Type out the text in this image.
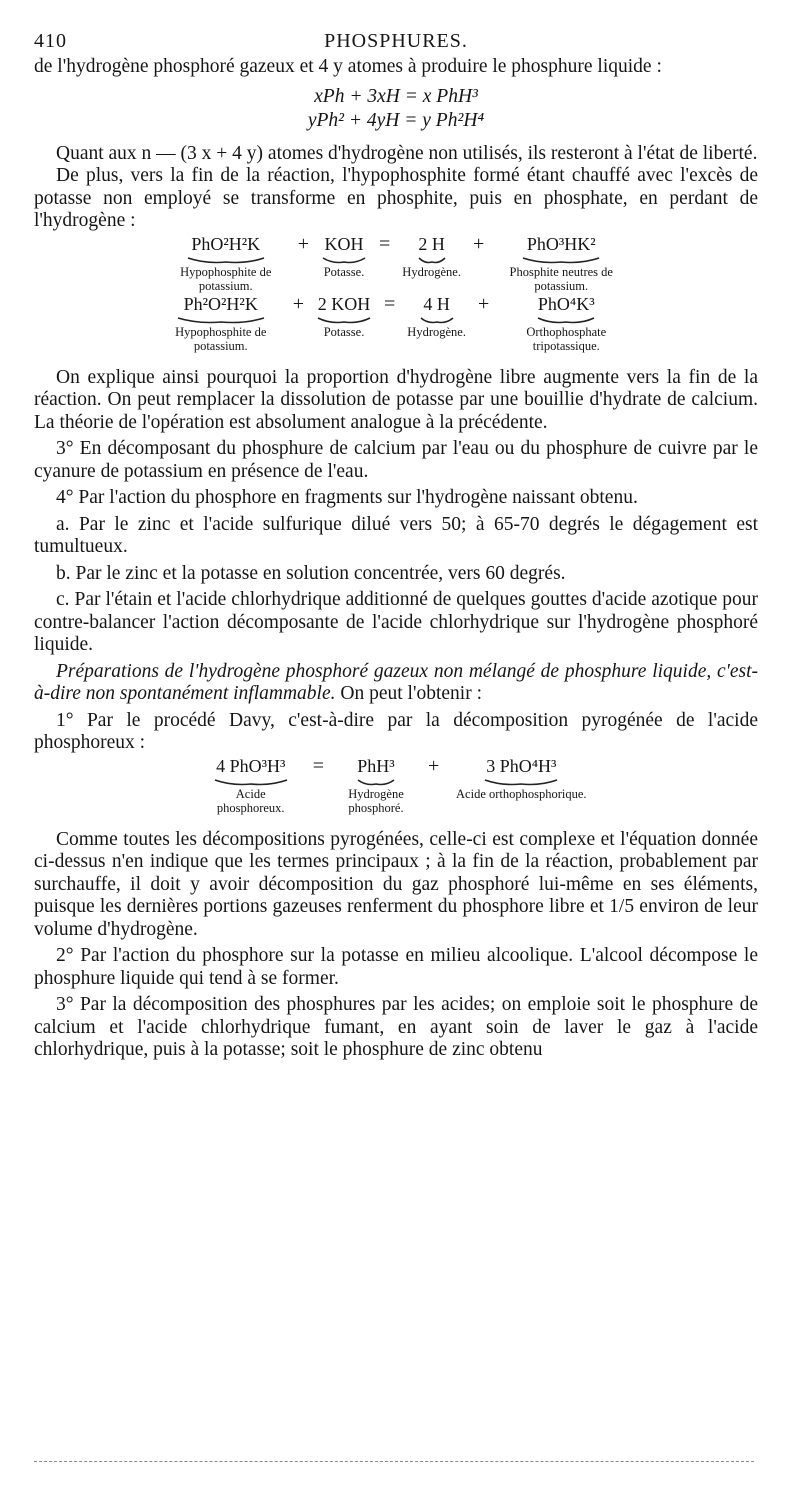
410	PHOSPHURES.

de l'hydrogène phosphoré gazeux et 4 y atomes à produire le phosphure liquide :

xPh + 3xH = x PhH³
yPh² + 4yH = y Ph²H⁴

Quant aux n — (3 x + 4 y) atomes d'hydrogène non utilisés, ils resteront à l'état de liberté.

De plus, vers la fin de la réaction, l'hypophosphite formé étant chauffé avec l'excès de potasse non employé se transforme en phosphite, puis en phosphate, en perdant de l'hydrogène :

PhO²H²K	+	KOH	=	2 H	+	PhO³HK²

Hypophosphite de potassium.		Potasse.		Hydrogène.		Phosphite neutres de potassium.
Ph²O²H²K	+	2 KOH	=	4 H	+	PhO⁴K³

Hypophosphite de potassium.		Potasse.		Hydrogène.		Orthophosphate tripotassique.

On explique ainsi pourquoi la proportion d'hydrogène libre augmente vers la fin de la réaction. On peut remplacer la dissolution de potasse par une bouillie d'hydrate de calcium. La théorie de l'opération est absolument analogue à la précédente.

3° En décomposant du phosphure de calcium par l'eau ou du phosphure de cuivre par le cyanure de potassium en présence de l'eau.

4° Par l'action du phosphore en fragments sur l'hydrogène naissant obtenu.

a. Par le zinc et l'acide sulfurique dilué vers 50; à 65-70 degrés le dégagement est tumultueux.

b. Par le zinc et la potasse en solution concentrée, vers 60 degrés.

c. Par l'étain et l'acide chlorhydrique additionné de quelques gouttes d'acide azotique pour contre-balancer l'action décomposante de l'acide chlorhydrique sur l'hydrogène phosphoré liquide.

Préparations de l'hydrogène phosphoré gazeux non mélangé de phosphure liquide, c'est-à-dire non spontanément inflammable. On peut l'obtenir :

1° Par le procédé Davy, c'est-à-dire par la décomposition pyrogénée de l'acide phosphoreux :

4 PhO³H³	=	PhH³	+	3 PhO⁴H³

Acide phosphoreux.		Hydrogène phosphoré.		Acide orthophosphorique.

Comme toutes les décompositions pyrogénées, celle-ci est complexe et l'équation donnée ci-dessus n'en indique que les termes principaux ; à la fin de la réaction, probablement par surchauffe, il doit y avoir décomposition du gaz phosphoré lui-même en ses éléments, puisque les dernières portions gazeuses renferment du phosphore libre et 1/5 environ de leur volume d'hydrogène.

2° Par l'action du phosphore sur la potasse en milieu alcoolique. L'alcool décompose le phosphure liquide qui tend à se former.

3° Par la décomposition des phosphures par les acides; on emploie soit le phosphure de calcium et l'acide chlorhydrique fumant, en ayant soin de laver le gaz à l'acide chlorhydrique, puis à la potasse; soit le phosphure de zinc obtenu
